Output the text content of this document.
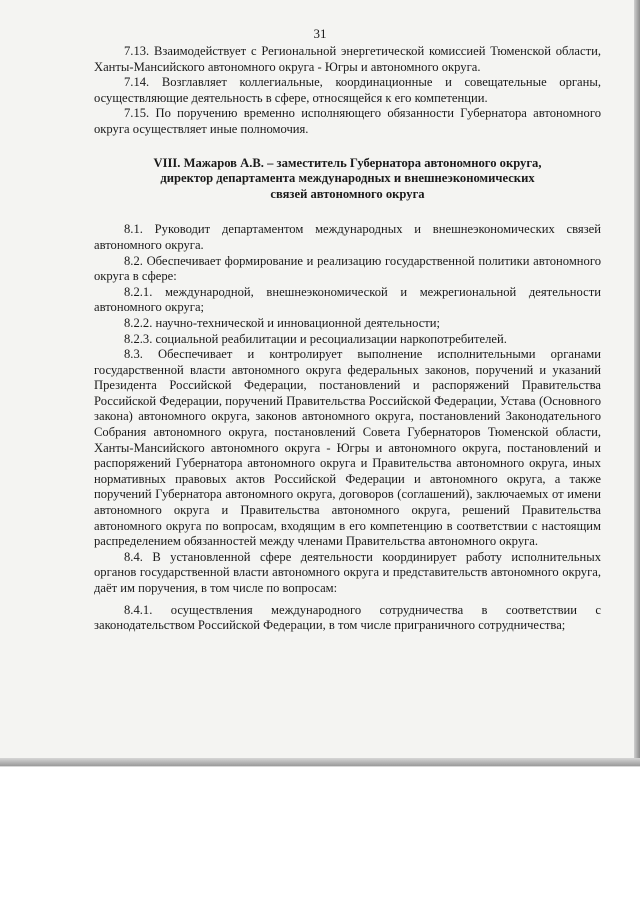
31

7.13. Взаимодействует с Региональной энергетической комиссией Тюменской области, Ханты-Мансийского автономного округа - Югры и автономного округа.

7.14. Возглавляет коллегиальные, координационные и совещательные органы, осуществляющие деятельность в сфере, относящейся к его компетенции.

7.15. По поручению временно исполняющего обязанности Губернатора автономного округа осуществляет иные полномочия.

VIII. Мажаров А.В. – заместитель Губернатора автономного округа,
директор департамента международных и внешнеэкономических
связей автономного округа

8.1. Руководит департаментом международных и внешнеэкономических связей автономного округа.

8.2. Обеспечивает формирование и реализацию государственной политики автономного округа в сфере:

8.2.1. международной, внешнеэкономической и межрегиональной деятельности автономного округа;

8.2.2. научно-технической и инновационной деятельности;

8.2.3. социальной реабилитации и ресоциализации наркопотребителей.

8.3. Обеспечивает и контролирует выполнение исполнительными органами государственной власти автономного округа федеральных законов, поручений и указаний Президента Российской Федерации, постановлений и распоряжений Правительства Российской Федерации, поручений Правительства Российской Федерации, Устава (Основного закона) автономного округа, законов автономного округа, постановлений Законодательного Собрания автономного округа, постановлений Совета Губернаторов Тюменской области, Ханты-Мансийского автономного округа - Югры и автономного округа, постановлений и распоряжений Губернатора автономного округа и Правительства автономного округа, иных нормативных правовых актов Российской Федерации и автономного округа, а также поручений Губернатора автономного округа, договоров (соглашений), заключаемых от имени автономного округа и Правительства автономного округа, решений Правительства автономного округа по вопросам, входящим в его компетенцию в соответствии с настоящим распределением обязанностей между членами Правительства автономного округа.

8.4. В установленной сфере деятельности координирует работу исполнительных органов государственной власти автономного округа и представительств автономного округа, даёт им поручения, в том числе по вопросам:

8.4.1. осуществления международного сотрудничества в соответствии с законодательством Российской Федерации, в том числе приграничного сотрудничества;
